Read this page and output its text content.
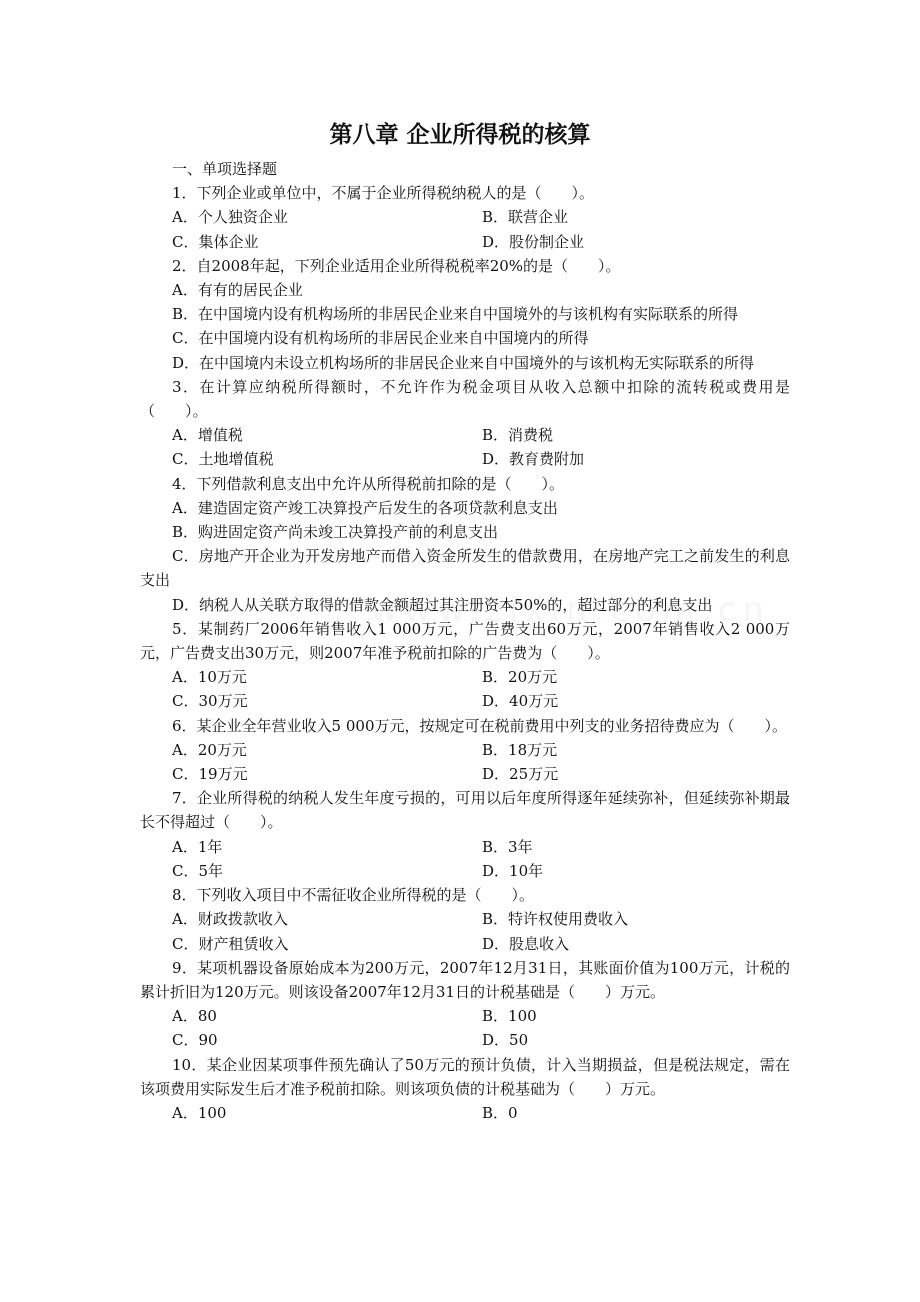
第八章 企业所得税的核算
一、单项选择题
1．下列企业或单位中，不属于企业所得税纳税人的是（　　）。
A．个人独资企业	B．联营企业
C．集体企业	D．股份制企业
2．自2008年起，下列企业适用企业所得税税率20%的是（　　）。
A．有有的居民企业
B．在中国境内设有机构场所的非居民企业来自中国境外的与该机构有实际联系的所得
C．在中国境内设有机构场所的非居民企业来自中国境内的所得
D．在中国境内未设立机构场所的非居民企业来自中国境外的与该机构无实际联系的所得
3．在计算应纳税所得额时，不允许作为税金项目从收入总额中扣除的流转税或费用是（　　）。
A．增值税	B．消费税
C．土地增值税	D．教育费附加
4．下列借款利息支出中允许从所得税前扣除的是（　　）。
A．建造固定资产竣工决算投产后发生的各项贷款利息支出
B．购进固定资产尚未竣工决算投产前的利息支出
C．房地产开企业为开发房地产而借入资金所发生的借款费用，在房地产完工之前发生的利息支出
D．纳税人从关联方取得的借款金额超过其注册资本50%的，超过部分的利息支出
5．某制药厂2006年销售收入1 000万元，广告费支出60万元，2007年销售收入2 000万元，广告费支出30万元，则2007年准予税前扣除的广告费为（　　）。
A．10万元	B．20万元
C．30万元	D．40万元
6．某企业全年营业收入5 000万元，按规定可在税前费用中列支的业务招待费应为（　　）。
A．20万元	B．18万元
C．19万元	D．25万元
7．企业所得税的纳税人发生年度亏损的，可用以后年度所得逐年延续弥补，但延续弥补期最长不得超过（　　）。
A．1年	B．3年
C．5年	D．10年
8．下列收入项目中不需征收企业所得税的是（　　）。
A．财政拨款收入	B．特许权使用费收入
C．财产租赁收入	D．股息收入
9．某项机器设备原始成本为200万元，2007年12月31日，其账面价值为100万元，计税的累计折旧为120万元。则该设备2007年12月31日的计税基础是（　　）万元。
A．80	B．100
C．90	D．50
10．某企业因某项事件预先确认了50万元的预计负债，计入当期损益，但是税法规定，需在该项费用实际发生后才准予税前扣除。则该项负债的计税基础为（　　）万元。
A．100	B．0
